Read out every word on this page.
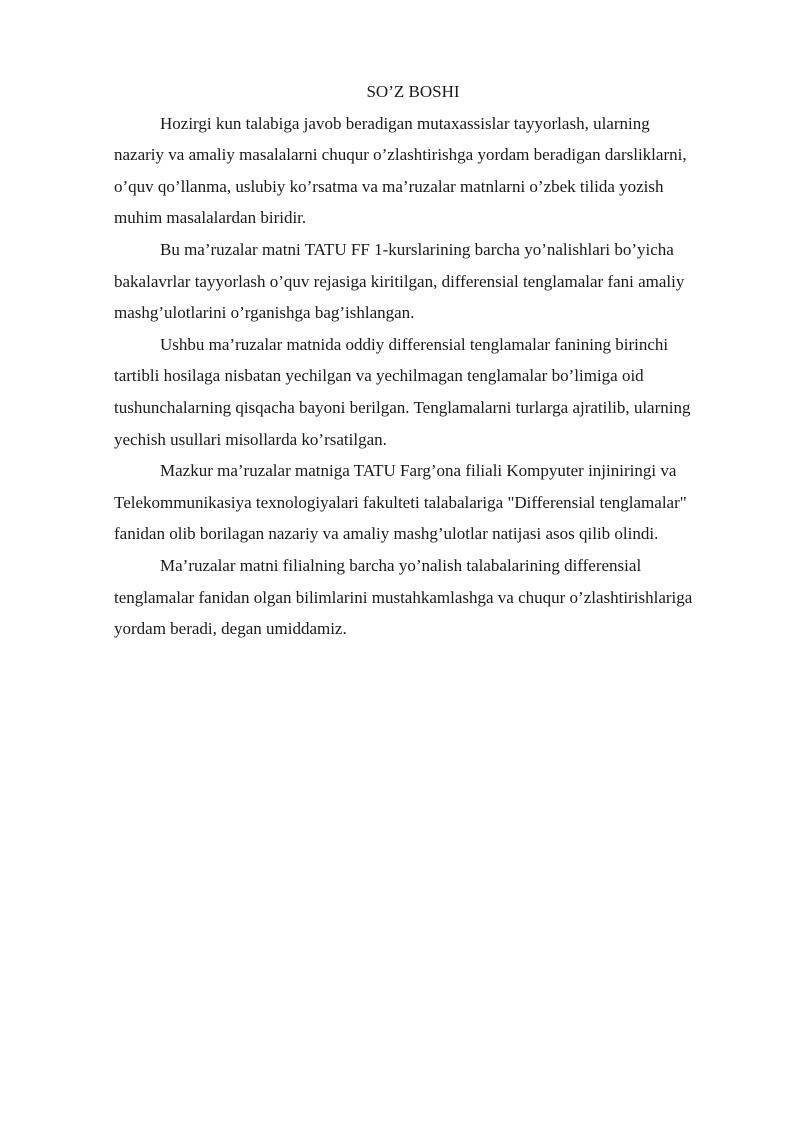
SO’Z BOSHI

Hozirgi kun talabiga javob beradigan mutaxassislar tayyorlash, ularning nazariy va amaliy masalalarni chuqur o’zlashtirishga yordam beradigan darsliklarni, o’quv qo’llanma, uslubiy ko’rsatma va ma’ruzalar matnlarni o’zbek tilida yozish muhim masalalardan biridir.

Bu ma’ruzalar matni TATU FF 1-kurslarining barcha yo’nalishlari bo’yicha bakalavrlar tayyorlash o’quv rejasiga kiritilgan, differensial tenglamalar fani amaliy mashg’ulotlarini o’rganishga bag’ishlangan.

Ushbu ma’ruzalar matnida oddiy differensial tenglamalar fanining birinchi tartibli hosilaga nisbatan yechilgan va yechilmagan tenglamalar bo’limiga oid tushunchalarning qisqacha bayoni berilgan. Tenglamalarni turlarga ajratilib, ularning yechish usullari misollarda ko’rsatilgan.

Mazkur ma’ruzalar matniga TATU Farg’ona filiali Kompyuter injiniringi va Telekommunikasiya texnologiyalari fakulteti talabalariga "Differensial tenglamalar" fanidan olib borilagan nazariy va amaliy mashg’ulotlar natijasi asos qilib olindi.

Ma’ruzalar matni filialning barcha yo’nalish talabalarining differensial tenglamalar fanidan olgan bilimlarini mustahkamlashga va chuqur o’zlashtirishlariga yordam beradi, degan umiddamiz.
